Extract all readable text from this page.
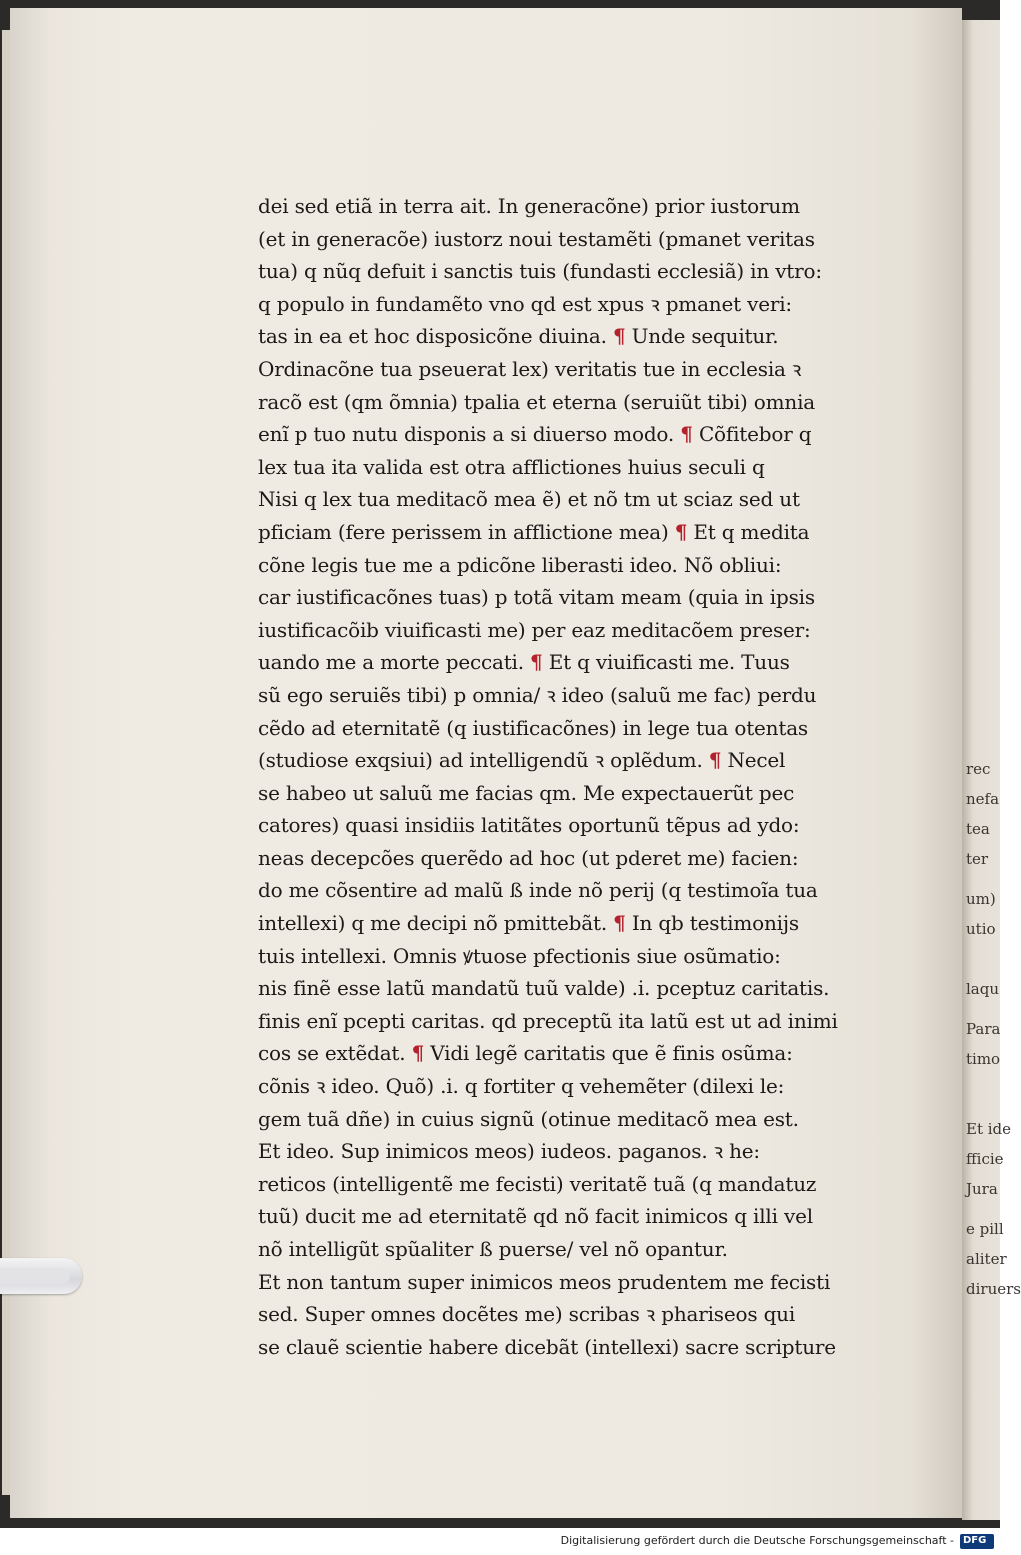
rec
nefa
tea
ter
um)
utio
laqu
Para
timo
Et ide
fficie
Jura
e pill
aliter
diruers
dei sed etiã in terra ait. In generacõne) prior iustorum
(et in generacõe) iustorz noui testamẽti (pmanet veritas
tua) q nũq defuit i sanctis tuis (fundasti ecclesiã) in vtro:
q populo in fundamẽto vno qd est xpus ꝛ pmanet veri:
tas in ea et hoc disposicõne diuina. ¶ Unde sequitur.
Ordinacõne tua pseuerat lex) veritatis tue in ecclesia ꝛ
racõ est (qm õmnia) tpalia et eterna (seruiũt tibi) omnia
enĩ p tuo nutu disponis a si diuerso modo. ¶ Cõfitebor q
lex tua ita valida est otra afflictiones huius seculi q
Nisi q lex tua meditacõ mea ẽ) et nõ tm ut sciaz sed ut
pficiam (fere perissem in afflictione mea) ¶ Et q medita
cõne legis tue me a pdicõne liberasti ideo. Nõ obliui:
car iustificacõnes tuas) p totã vitam meam (quia in ipsis
iustificacõib viuificasti me) per eaz meditacõem preser:
uando me a morte peccati. ¶ Et q viuificasti me. Tuus
sũ ego seruiẽs tibi) p omnia/ ꝛ ideo (saluũ me fac) perdu
cẽdo ad eternitatẽ (q iustificacõnes) in lege tua otentas
(studiose exqsiui) ad intelligendũ ꝛ oplẽdum. ¶ Necel
se habeo ut saluũ me facias qm. Me expectauerũt pec
catores) quasi insidiis latitãtes oportunũ tẽpus ad ydo:
neas decepcões querẽdo ad hoc (ut pderet me) facien:
do me cõsentire ad malũ ß inde nõ perij (q testimoĩa tua
intellexi) q me decipi nõ pmittebãt. ¶ In qb testimonijs
tuis intellexi. Omnis ꝟtuose pfectionis siue osũmatio:
nis finẽ esse latũ mandatũ tuũ valde) .i. pceptuz caritatis.
finis enĩ pcepti caritas. qd preceptũ ita latũ est ut ad inimi
cos se extẽdat. ¶ Vidi legẽ caritatis que ẽ finis osũma:
cõnis ꝛ ideo. Quõ) .i. q fortiter q vehemẽter (dilexi le:
gem tuã dñe) in cuius signũ (otinue meditacõ mea est.
Et ideo. Sup inimicos meos) iudeos. paganos. ꝛ he:
reticos (intelligentẽ me fecisti) veritatẽ tuã (q mandatuz
tuũ) ducit me ad eternitatẽ qd nõ facit inimicos q illi vel
nõ intelligũt spũaliter ß puerse/ vel nõ opantur.
Et non tantum super inimicos meos prudentem me fecisti
sed. Super omnes docẽtes me) scribas ꝛ phariseos qui
se clauẽ scientie habere dicebãt (intellexi) sacre scripture
Digitalisierung gefördert durch die Deutsche Forschungsgemeinschaft - DFG
